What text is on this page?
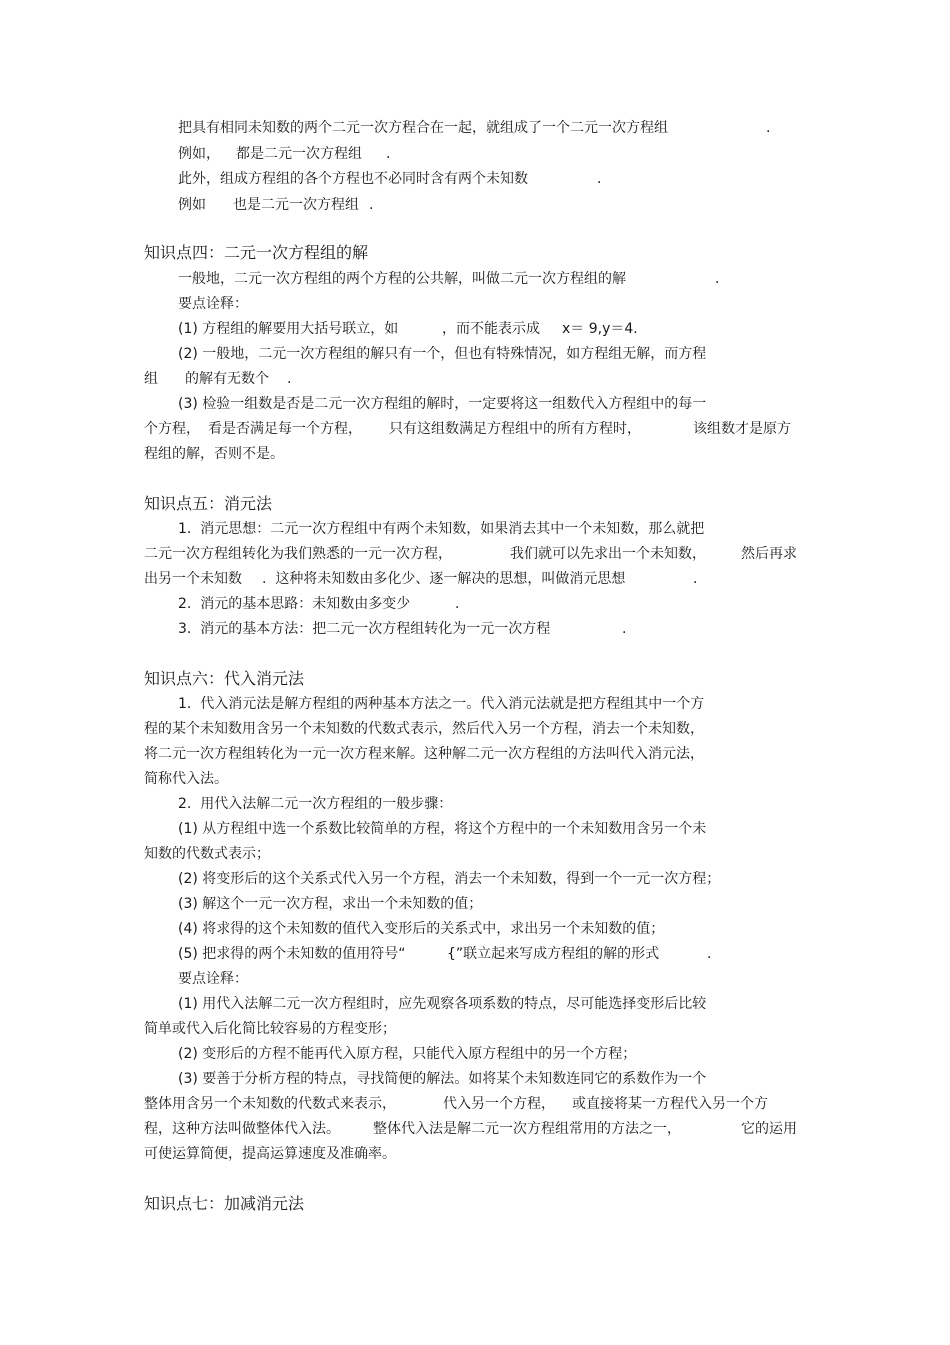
把具有相同未知数的两个二元一次方程合在一起，就组成了一个二元一次方程组	.
例如， 都是二元一次方程组 .
此外，组成方程组的各个方程也不必同时含有两个未知数	.
例如 也是二元一次方程组 .
知识点四：二元一次方程组的解
一般地，二元一次方程组的两个方程的公共解，叫做二元一次方程组的解	.
要点诠释：
(1) 方程组的解要用大括号联立，如	，而不能表示成 x＝ 9,y＝4.
(2) 一般地，二元一次方程组的解只有一个，但也有特殊情况，如方程组无解，而方程
组 的解有无数个 .
(3) 检验一组数是否是二元一次方程组的解时，一定要将这一组数代入方程组中的每一
个方程， 看是否满足每一个方程， 只有这组数满足方程组中的所有方程时，	该组数才是原方
程组的解，否则不是。
知识点五：消元法
1.  消元思想：二元一次方程组中有两个未知数，如果消去其中一个未知数，那么就把
二元一次方程组转化为我们熟悉的一元一次方程，	我们就可以先求出一个未知数，	然后再求
出另一个未知数 .  这种将未知数由多化少、逐一解决的思想，叫做消元思想	.
2.  消元的基本思路：未知数由多变少	.
3.  消元的基本方法：把二元一次方程组转化为一元一次方程	.
知识点六：代入消元法
1.  代入消元法是解方程组的两种基本方法之一。代入消元法就是把方程组其中一个方
程的某个未知数用含另一个未知数的代数式表示，然后代入另一个方程，消去一个未知数，
将二元一次方程组转化为一元一次方程来解。这种解二元一次方程组的方法叫代入消元法，
简称代入法。
2.  用代入法解二元一次方程组的一般步骤：
(1) 从方程组中选一个系数比较简单的方程，将这个方程中的一个未知数用含另一个未
知数的代数式表示；
(2) 将变形后的这个关系式代入另一个方程，消去一个未知数，得到一个一元一次方程；
(3) 解这个一元一次方程，求出一个未知数的值；
(4) 将求得的这个未知数的值代入变形后的关系式中，求出另一个未知数的值；
(5) 把求得的两个未知数的值用符号“	{”联立起来写成方程组的解的形式	.
要点诠释：
(1) 用代入法解二元一次方程组时，应先观察各项系数的特点，尽可能选择变形后比较
简单或代入后化简比较容易的方程变形；
(2) 变形后的方程不能再代入原方程，只能代入原方程组中的另一个方程；
(3) 要善于分析方程的特点，寻找简便的解法。如将某个未知数连同它的系数作为一个
整体用含另一个未知数的代数式来表示，	代入另一个方程， 或直接将某一方程代入另一个方
程，这种方法叫做整体代入法。 整体代入法是解二元一次方程组常用的方法之一，	它的运用
可使运算简便，提高运算速度及准确率。
知识点七：加减消元法
